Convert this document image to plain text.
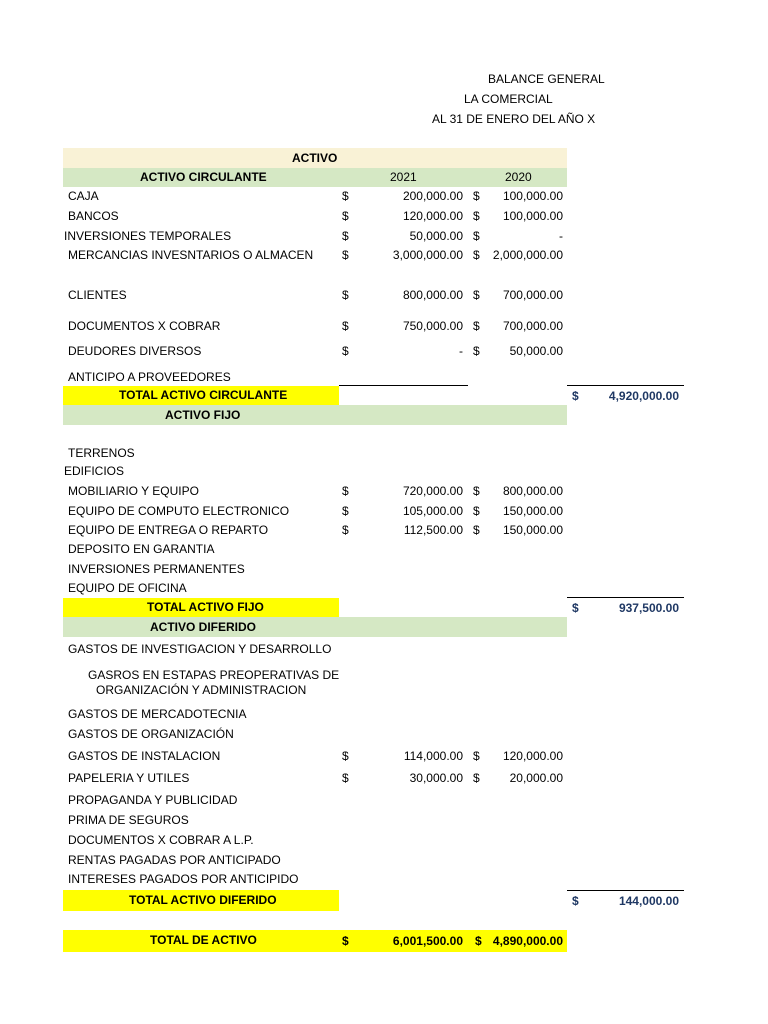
BALANCE GENERAL
LA COMERCIAL
AL 31 DE ENERO DEL AÑO X
ACTIVO
ACTIVO CIRCULANTE	2021	2020
CAJA	$	200,000.00 $	100,000.00
BANCOS	$	120,000.00 $	100,000.00
INVERSIONES TEMPORALES	$	50,000.00 $	-
MERCANCIAS INVESNTARIOS O ALMACEN $	3,000,000.00 $	2,000,000.00
CLIENTES	$	800,000.00 $	700,000.00
DOCUMENTOS X COBRAR	$	750,000.00 $	700,000.00
DEUDORES DIVERSOS	$	- $	50,000.00
ANTICIPO A PROVEEDORES
TOTAL ACTIVO CIRCULANTE	$	4,920,000.00
ACTIVO FIJO
TERRENOS
EDIFICIOS
MOBILIARIO Y EQUIPO	$	720,000.00 $	800,000.00
EQUIPO DE COMPUTO ELECTRONICO	$	105,000.00 $	150,000.00
EQUIPO DE ENTREGA O REPARTO	$	112,500.00 $	150,000.00
DEPOSITO EN GARANTIA
INVERSIONES PERMANENTES
EQUIPO DE OFICINA
TOTAL ACTIVO FIJO	$	937,500.00
ACTIVO DIFERIDO
GASTOS DE INVESTIGACION Y DESARROLLO
GASROS EN ESTAPAS PREOPERATIVAS DE
ORGANIZACIÓN Y ADMINISTRACION
GASTOS DE MERCADOTECNIA
GASTOS DE ORGANIZACIÓN
GASTOS DE INSTALACION	$	114,000.00 $	120,000.00
PAPELERIA Y UTILES	$	30,000.00 $	20,000.00
PROPAGANDA Y PUBLICIDAD
PRIMA DE SEGUROS
DOCUMENTOS X COBRAR A L.P.
RENTAS PAGADAS POR ANTICIPADO
INTERESES PAGADOS POR ANTICIPIDO
TOTAL ACTIVO DIFERIDO	$	144,000.00
TOTAL DE ACTIVO	$	6,001,500.00 $ 4,890,000.00
